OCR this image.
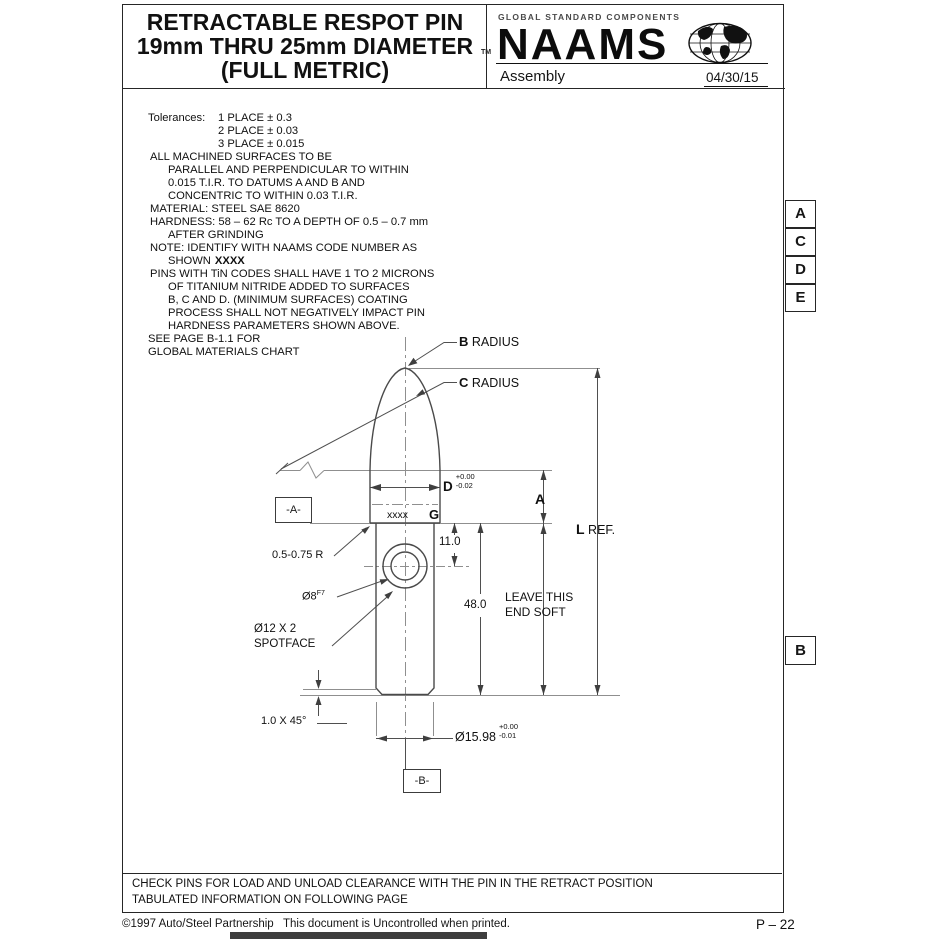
RETRACTABLE RESPOT PIN
19mm THRU 25mm DIAMETER
(FULL METRIC)
GLOBAL STANDARD COMPONENTS
TM NAAMS
Assembly	04/30/15
A
C
D
E
B
Tolerances: 1 PLACE ± 0.3
2 PLACE ± 0.03
3 PLACE ± 0.015
ALL MACHINED SURFACES TO BE
PARALLEL AND PERPENDICULAR TO WITHIN
0.015 T.I.R. TO DATUMS A AND B AND
CONCENTRIC TO WITHIN 0.03 T.I.R.
MATERIAL: STEEL SAE 8620
HARDNESS: 58 – 62 Rc TO A DEPTH OF 0.5 – 0.7 mm
AFTER GRINDING
NOTE: IDENTIFY WITH NAAMS CODE NUMBER AS
SHOWN XXXX
PINS WITH TiN CODES SHALL HAVE 1 TO 2 MICRONS
OF TITANIUM NITRIDE ADDED TO SURFACES
B, C AND D. (MINIMUM SURFACES) COATING
PROCESS SHALL NOT NEGATIVELY IMPACT PIN
HARDNESS PARAMETERS SHOWN ABOVE.
SEE PAGE B-1.1 FOR
GLOBAL MATERIALS CHART
B RADIUS
C RADIUS
D
+0.00
-0.02
A
L REF.
xxxx G
11.0
48.0
LEAVE THIS
END SOFT
0.5-0.75 R
$Ø8^{F7}$
Ø12 X 2
SPOTFACE
1.0 X 45°
Ø15.98
+0.00
-0.01
-A-
-B-
CHECK PINS FOR LOAD AND UNLOAD CLEARANCE WITH THE PIN IN THE RETRACT POSITION
TABULATED INFORMATION ON FOLLOWING PAGE
©1997 Auto/Steel Partnership This document is Uncontrolled when printed.	P – 22
